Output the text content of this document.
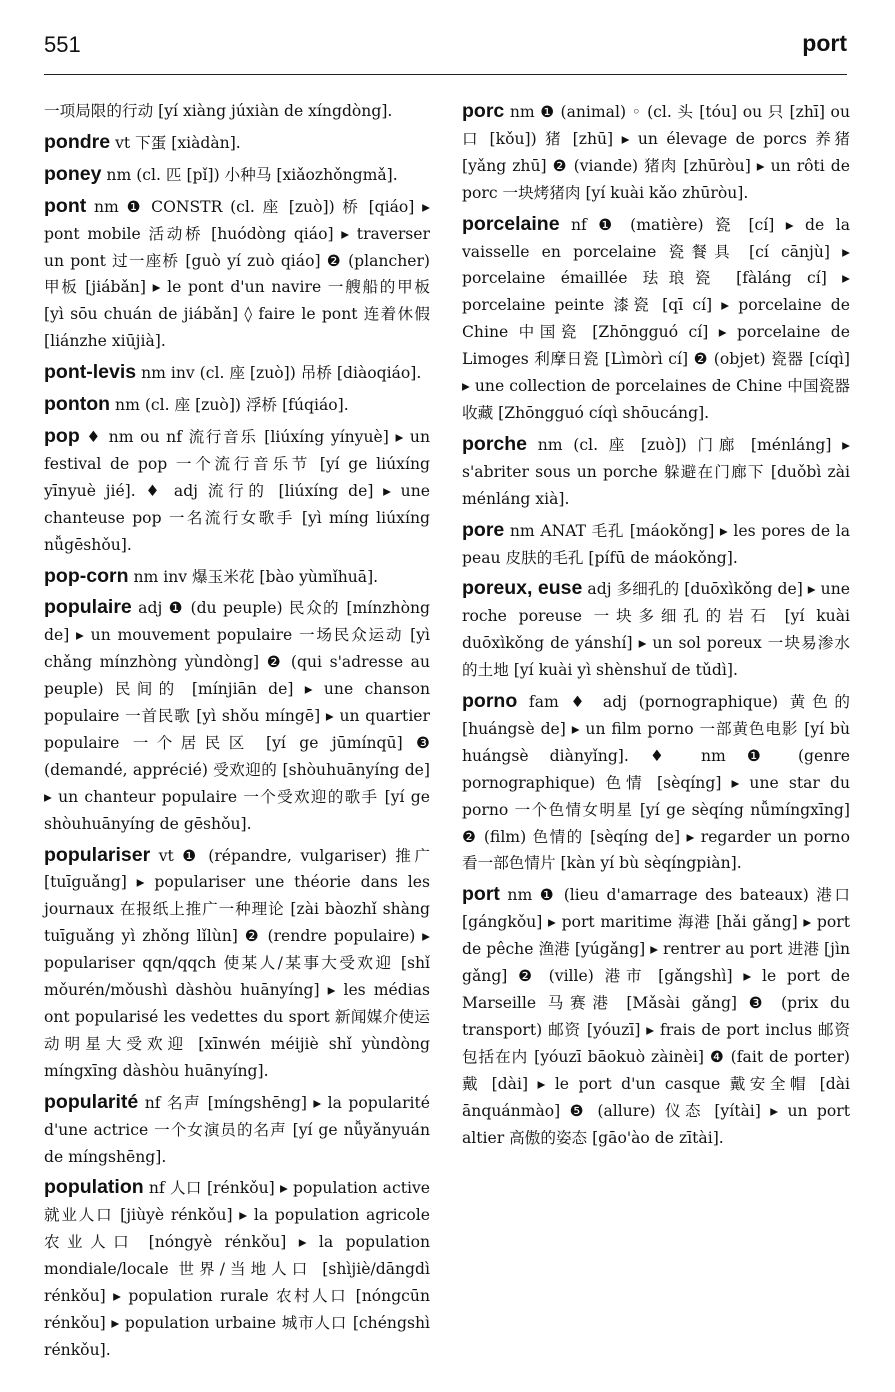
551	port

一项局限的行动 [yí xiàng júxiàn de xíngdòng].

pondre vt 下蛋 [xiàdàn].

poney nm (cl. 匹 [pǐ]) 小种马 [xiǎozhǒngmǎ].

pont nm ❶ CONSTR (cl. 座 [zuò]) 桥 [qiáo] ▸ pont mobile 活动桥 [huódòng qiáo] ▸ traverser un pont 过一座桥 [guò yí zuò qiáo] ❷ (plancher) 甲板 [jiábǎn] ▸ le pont d'un navire 一艘船的甲板 [yì sōu chuán de jiábǎn] ◊ faire le pont 连着休假 [liánzhe xiūjià].

pont-levis nm inv (cl. 座 [zuò]) 吊桥 [diàoqiáo].

ponton nm (cl. 座 [zuò]) 浮桥 [fúqiáo].

pop ♦ nm ou nf 流行音乐 [liúxíng yínyuè] ▸ un festival de pop 一个流行音乐节 [yí ge liúxíng yīnyuè jié]. ♦ adj 流行的 [liúxíng de] ▸ une chanteuse pop 一名流行女歌手 [yì míng liúxíng nǚgēshǒu].

pop-corn nm inv 爆玉米花 [bào yùmǐhuā].

populaire adj ❶ (du peuple) 民众的 [mínzhòng de] ▸ un mouvement populaire 一场民众运动 [yì chǎng mínzhòng yùndòng] ❷ (qui s'adresse au peuple) 民间的 [mínjiān de] ▸ une chanson populaire 一首民歌 [yì shǒu míngē] ▸ un quartier populaire 一个居民区 [yí ge jūmínqū] ❸ (demandé, apprécié) 受欢迎的 [shòuhuānyíng de] ▸ un chanteur populaire 一个受欢迎的歌手 [yí ge shòuhuānyíng de gēshǒu].

populariser vt ❶ (répandre, vulgariser) 推广 [tuīguǎng] ▸ populariser une théorie dans les journaux 在报纸上推广一种理论 [zài bàozhǐ shàng tuīguǎng yì zhǒng lǐlùn] ❷ (rendre populaire) ▸ populariser qqn/qqch 使某人/某事大受欢迎 [shǐ mǒurén/mǒushì dàshòu huānyíng] ▸ les médias ont popularisé les vedettes du sport 新闻媒介使运动明星大受欢迎 [xīnwén méijiè shǐ yùndòng míngxīng dàshòu huānyíng].

popularité nf 名声 [míngshēng] ▸ la popularité d'une actrice 一个女演员的名声 [yí ge nǚyǎnyuán de míngshēng].

population nf 人口 [rénkǒu] ▸ population active 就业人口 [jiùyè rénkǒu] ▸ la population agricole 农业人口 [nóngyè rénkǒu] ▸ la population mondiale/locale 世界/当地人口 [shìjiè/dāngdì rénkǒu] ▸ population rurale 农村人口 [nóngcūn rénkǒu] ▸ population urbaine 城市人口 [chéngshì rénkǒu].

porc nm ❶ (animal) ◦ (cl. 头 [tóu] ou 只 [zhī] ou 口 [kǒu]) 猪 [zhū] ▸ un élevage de porcs 养猪 [yǎng zhū] ❷ (viande) 猪肉 [zhūròu] ▸ un rôti de porc 一块烤猪肉 [yí kuài kǎo zhūròu].

porcelaine nf ❶ (matière) 瓷 [cí] ▸ de la vaisselle en porcelaine 瓷餐具 [cí cānjù] ▸ porcelaine émaillée 珐琅瓷 [fàláng cí] ▸ porcelaine peinte 漆瓷 [qī cí] ▸ porcelaine de Chine 中国瓷 [Zhōngguó cí] ▸ porcelaine de Limoges 利摩日瓷 [Lìmòrì cí] ❷ (objet) 瓷器 [cíqì] ▸ une collection de porcelaines de Chine 中国瓷器收藏 [Zhōngguó cíqì shōucáng].

porche nm (cl. 座 [zuò]) 门廊 [ménláng] ▸ s'abriter sous un porche 躲避在门廊下 [duǒbì zài ménláng xià].

pore nm ANAT 毛孔 [máokǒng] ▸ les pores de la peau 皮肤的毛孔 [pífū de máokǒng].

poreux, euse adj 多细孔的 [duōxìkǒng de] ▸ une roche poreuse 一块多细孔的岩石 [yí kuài duōxìkǒng de yánshí] ▸ un sol poreux 一块易渗水的土地 [yí kuài yì shènshuǐ de tǔdì].

porno fam ♦ adj (pornographique) 黄色的 [huángsè de] ▸ un film porno 一部黄色电影 [yí bù huángsè diànyǐng]. ♦ nm ❶ (genre pornographique) 色情 [sèqíng] ▸ une star du porno 一个色情女明星 [yí ge sèqíng nǚmíngxīng] ❷ (film) 色情的 [sèqíng de] ▸ regarder un porno 看一部色情片 [kàn yí bù sèqíngpiàn].

port nm ❶ (lieu d'amarrage des bateaux) 港口 [gángkǒu] ▸ port maritime 海港 [hǎi gǎng] ▸ port de pêche 渔港 [yúgǎng] ▸ rentrer au port 进港 [jìn gǎng] ❷ (ville) 港市 [gǎngshì] ▸ le port de Marseille 马赛港 [Mǎsài gǎng] ❸ (prix du transport) 邮资 [yóuzī] ▸ frais de port inclus 邮资包括在内 [yóuzī bāokuò zàinèi] ❹ (fait de porter) 戴 [dài] ▸ le port d'un casque 戴安全帽 [dài ānquánmào] ❺ (allure) 仪态 [yítài] ▸ un port altier 高傲的姿态 [gāo'ào de zītài].
